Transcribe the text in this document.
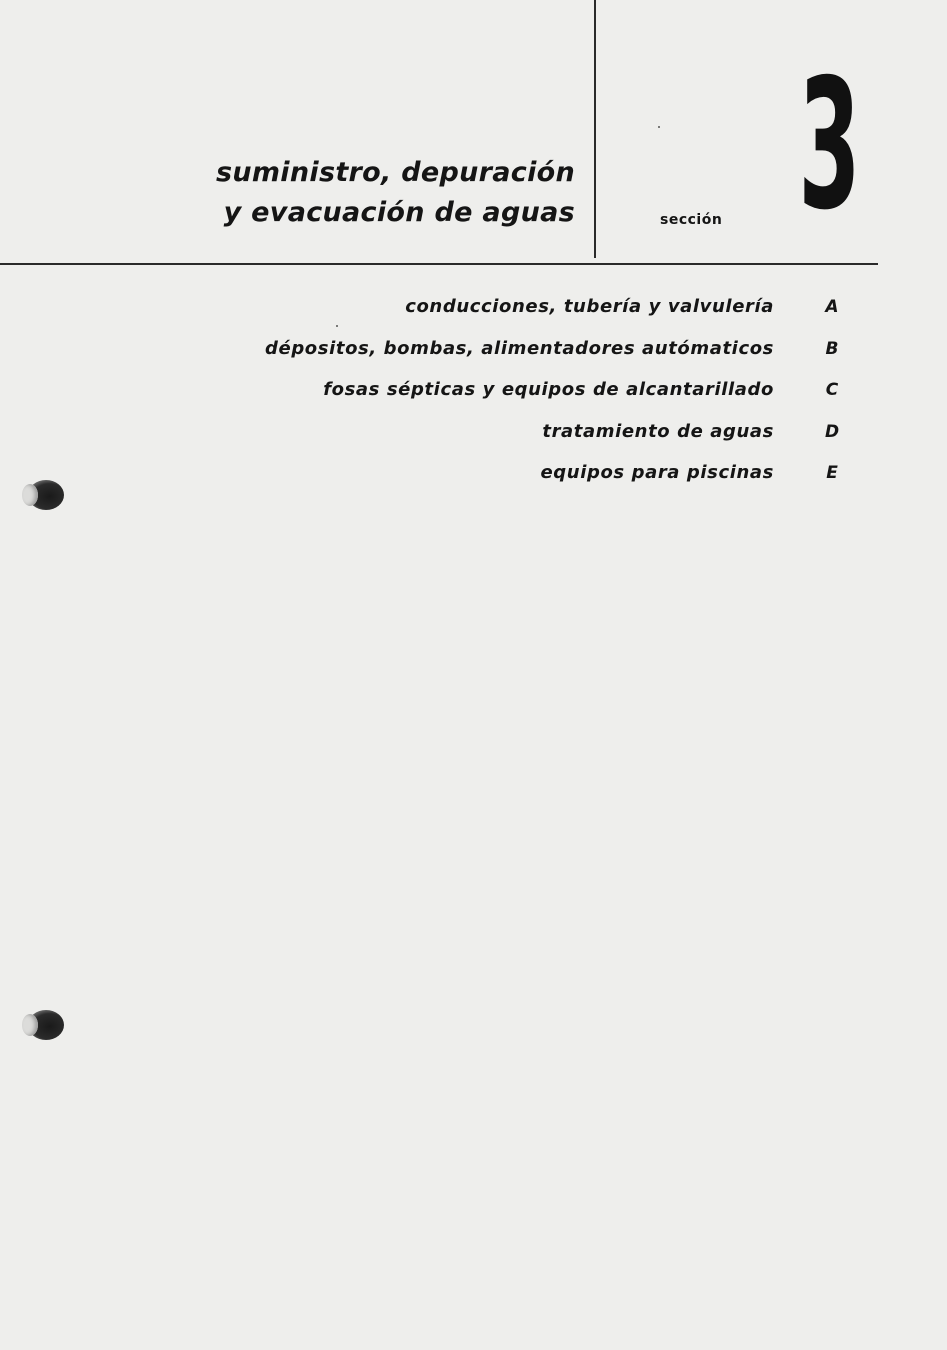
suministro, depuración
y evacuación de aguas	sección 3
conducciones, tubería y valvulería	A
dépositos, bombas, alimentadores autómaticos	B
fosas sépticas y equipos de alcantarillado	C
tratamiento de aguas	D
equipos para piscinas	E
